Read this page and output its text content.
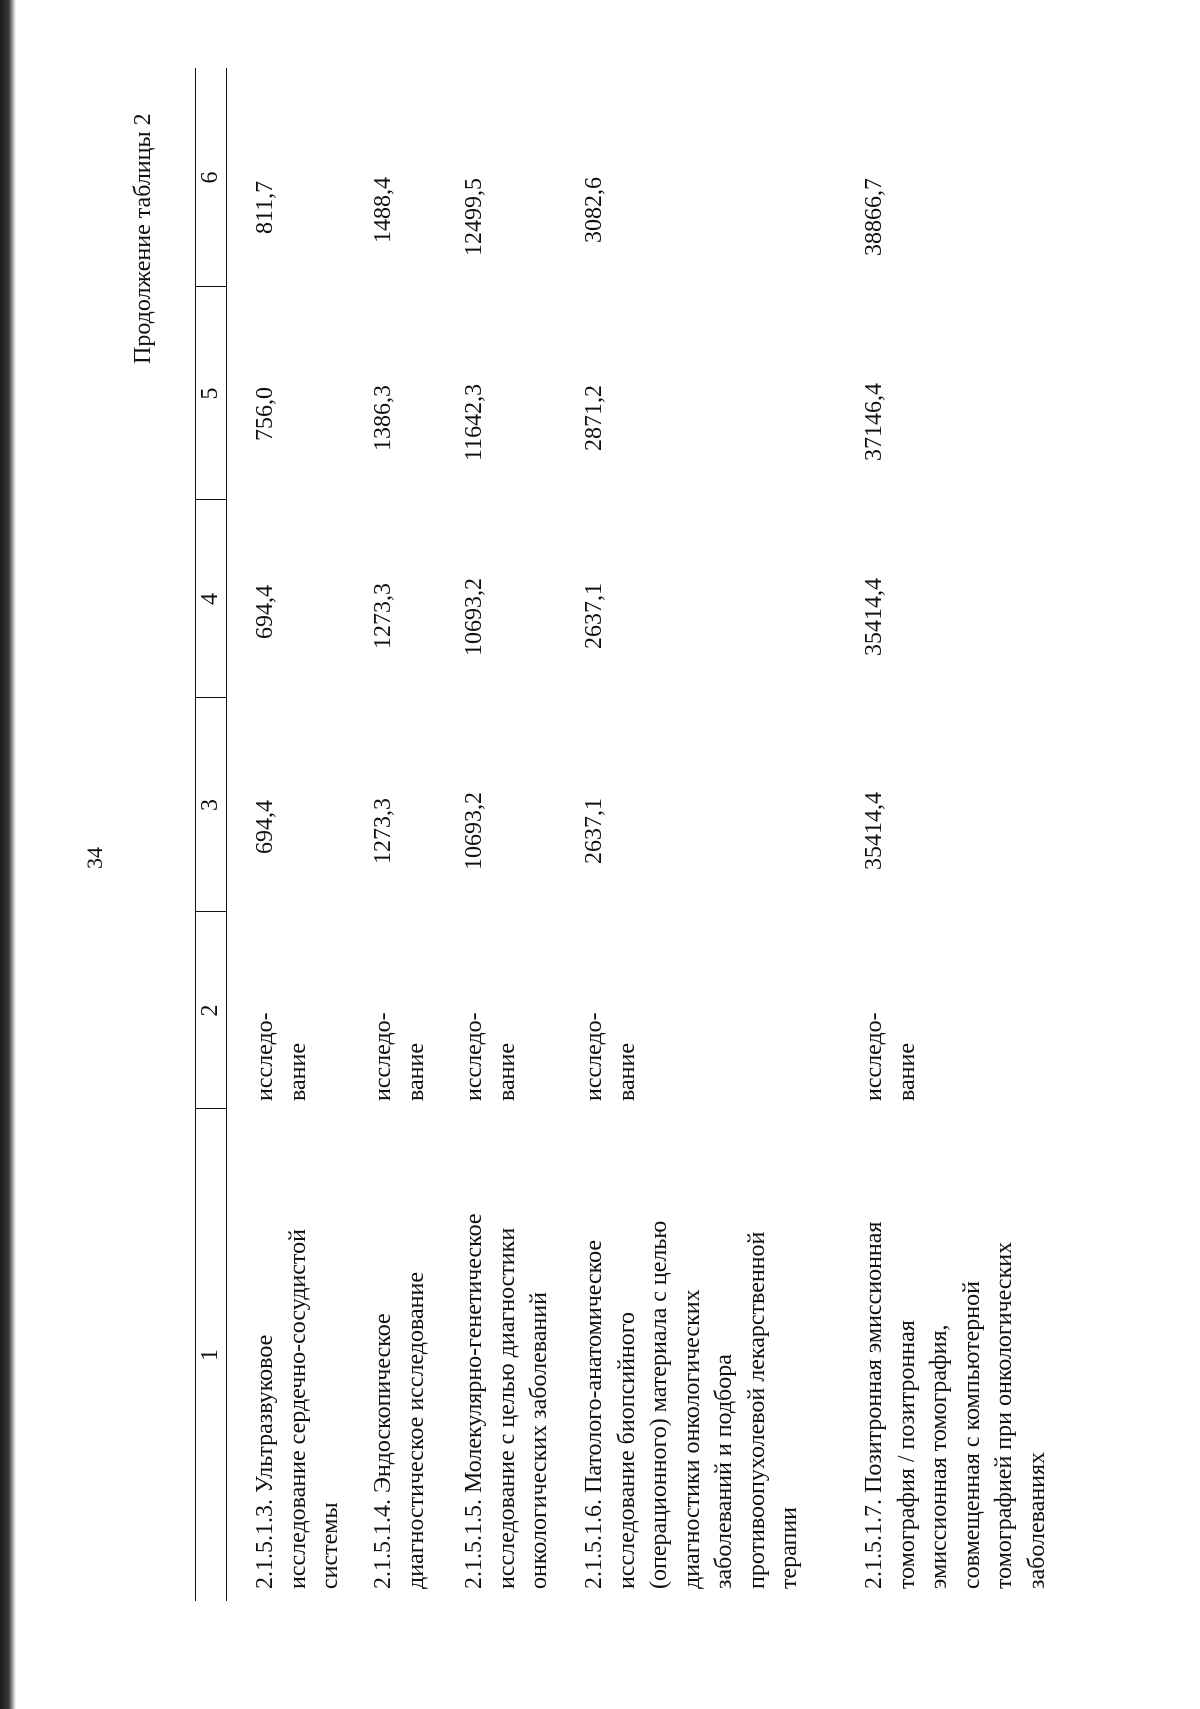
34
Продолжение таблицы 2
1
2
3
4
5
6
2.1.5.1.3. Ультразвуковое исследование сердечно-сосудистой системы
исследо- вание
694,4
694,4
756,0
811,7
2.1.5.1.4. Эндоскопическое диагностическое исследование
исследо- вание
1273,3
1273,3
1386,3
1488,4
2.1.5.1.5. Молекулярно-генетическое исследование с целью диагностики онкологических заболеваний
исследо- вание
10693,2
10693,2
11642,3
12499,5
2.1.5.1.6. Патолого-анатомическое исследование биопсийного (операционного) материала с целью диагностики онкологических заболеваний и подбора противоопухолевой лекарственной терапии
исследо- вание
2637,1
2637,1
2871,2
3082,6
2.1.5.1.7. Позитронная эмиссионная томография / позитронная эмиссионная томография, совмещенная с компьютерной томографией при онкологических заболеваниях
исследо- вание
35414,4
35414,4
37146,4
38866,7
